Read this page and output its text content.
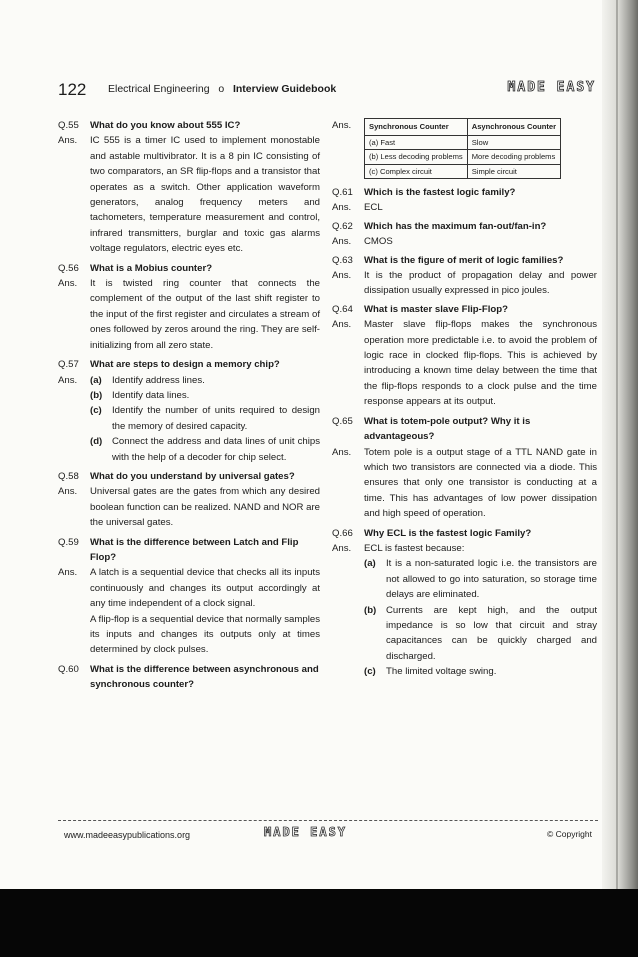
122 Electrical Engineering o Interview Guidebook	MADE EASY
Q.55	What do you know about 555 IC?
Ans.	IC 555 is a timer IC used to implement monostable and astable multivibrator. It is a 8 pin IC consisting of two comparators, an SR flip-flops and a transistor that operates as a switch. Other application waveform generators, analog frequency meters and tachometers, temperature measurement and control, infrared transmitters, burglar and toxic gas alarms voltage regulators, electric eyes etc.
Q.56	What is a Mobius counter?
Ans.	It is twisted ring counter that connects the complement of the output of the last shift register to the input of the first register and circulates a stream of ones followed by zeros around the ring. They are self-initializing from all zero state.
Q.57	What are steps to design a memory chip?
Ans.	(a)	Identify address lines.
(b)	Identify data lines.
(c)	Identify the number of units required to design the memory of desired capacity.
(d)	Connect the address and data lines of unit chips with the help of a decoder for chip select.
Q.58	What do you understand by universal gates?
Ans.	Universal gates are the gates from which any desired boolean function can be realized. NAND and NOR are the universal gates.
Q.59	What is the difference between Latch and Flip Flop?
Ans.	A latch is a sequential device that checks all its inputs continuously and changes its output accordingly at any time independent of a clock signal.
A flip-flop is a sequential device that normally samples its inputs and changes its outputs only at times determined by clock pulses.
Q.60	What is the difference between asynchronous and synchronous counter?
Ans.	Synchronous Counter	Asynchronous Counter
(a) Fast	Slow
(b) Less decoding problems	More decoding problems
(c) Complex circuit	Simple circuit
Q.61	Which is the fastest logic family?
Ans.	ECL
Q.62	Which has the maximum fan-out/fan-in?
Ans.	CMOS
Q.63	What is the figure of merit of logic families?
Ans.	It is the product of propagation delay and power dissipation usually expressed in pico joules.
Q.64	What is master slave Flip-Flop?
Ans.	Master slave flip-flops makes the synchronous operation more predictable i.e. to avoid the problem of logic race in clocked flip-flops. This is achieved by introducing a known time delay between the time that the flip-flops responds to a clock pulse and the time response appears at its output.
Q.65	What is totem-pole output? Why it is advantageous?
Ans.	Totem pole is a output stage of a TTL NAND gate in which two transistors are connected via a diode. This ensures that only one transistor is conducting at a time. This has advantages of low power dissipation and high speed of operation.
Q.66	Why ECL is the fastest logic Family?
Ans.	ECL is fastest because:
(a)	It is a non-saturated logic i.e. the transistors are not allowed to go into saturation, so storage time delays are eliminated.
(b)	Currents are kept high, and the output impedance is so low that circuit and stray capacitances can be quickly charged and discharged.
(c)	The limited voltage swing.
www.madeeasypublications.org	MADE EASY	© Copyright
